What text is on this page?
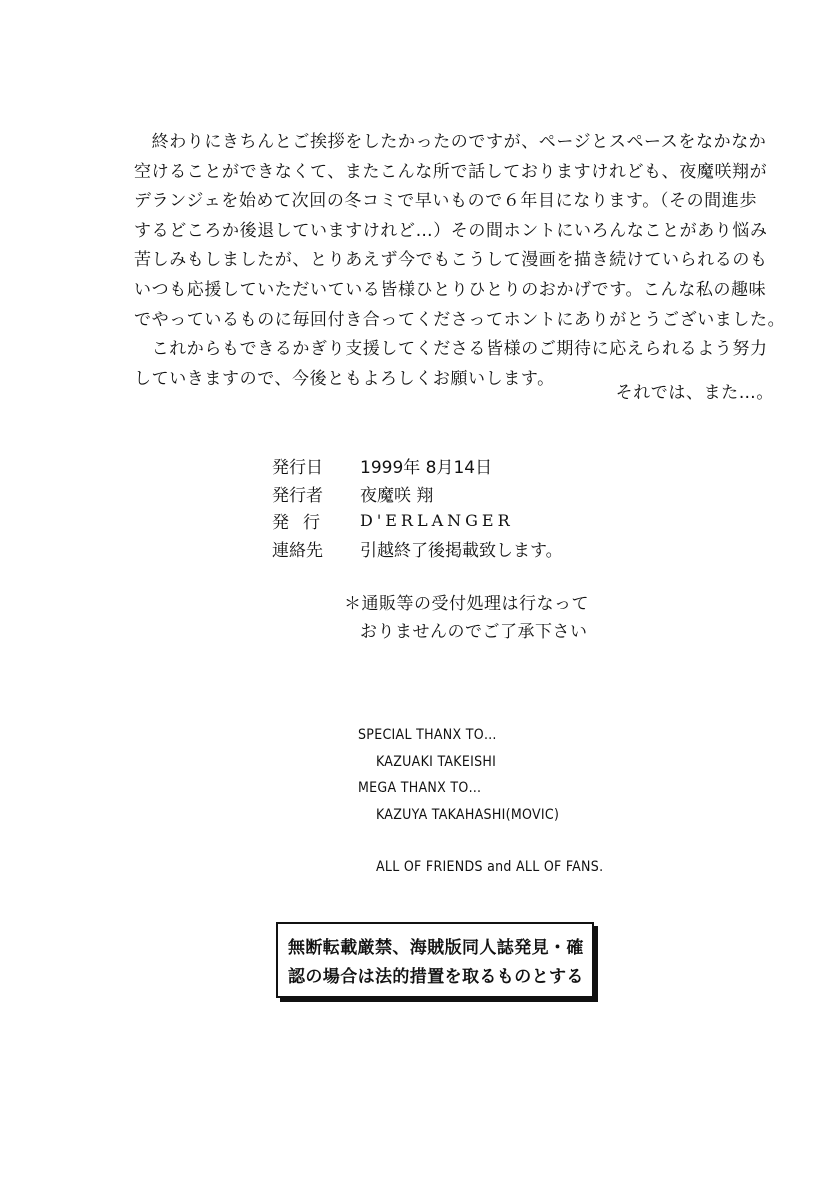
　終わりにきちんとご挨拶をしたかったのですが、ページとスペースをなかなか
空けることができなくて、またこんな所で話しておりますけれども、夜魔咲翔が
デランジェを始めて次回の冬コミで早いもので６年目になります。（その間進歩
するどころか後退していますけれど…）その間ホントにいろんなことがあり悩み
苦しみもしましたが、とりあえず今でもこうして漫画を描き続けていられるのも
いつも応援していただいている皆様ひとりひとりのおかげです。こんな私の趣味
でやっているものに毎回付き合ってくださってホントにありがとうございました。
　これからもできるかぎり支援してくださる皆様のご期待に応えられるよう努力
していきますので、今後ともよろしくお願いします。
それでは、また…。
発行日	1999年 8月14日
発行者	夜魔咲 翔
発行	D'ERLANGER
連絡先	引越終了後掲載致します。
＊通販等の受付処理は行なって
おりませんのでご了承下さい
SPECIAL THANX TO…
KAZUAKI TAKEISHI
MEGA THANX TO…
KAZUYA TAKAHASHI(MOVIC)
ALL OF FRIENDS and ALL OF FANS.
無断転載厳禁、海賊版同人誌発見・確
認の場合は法的措置を取るものとする
